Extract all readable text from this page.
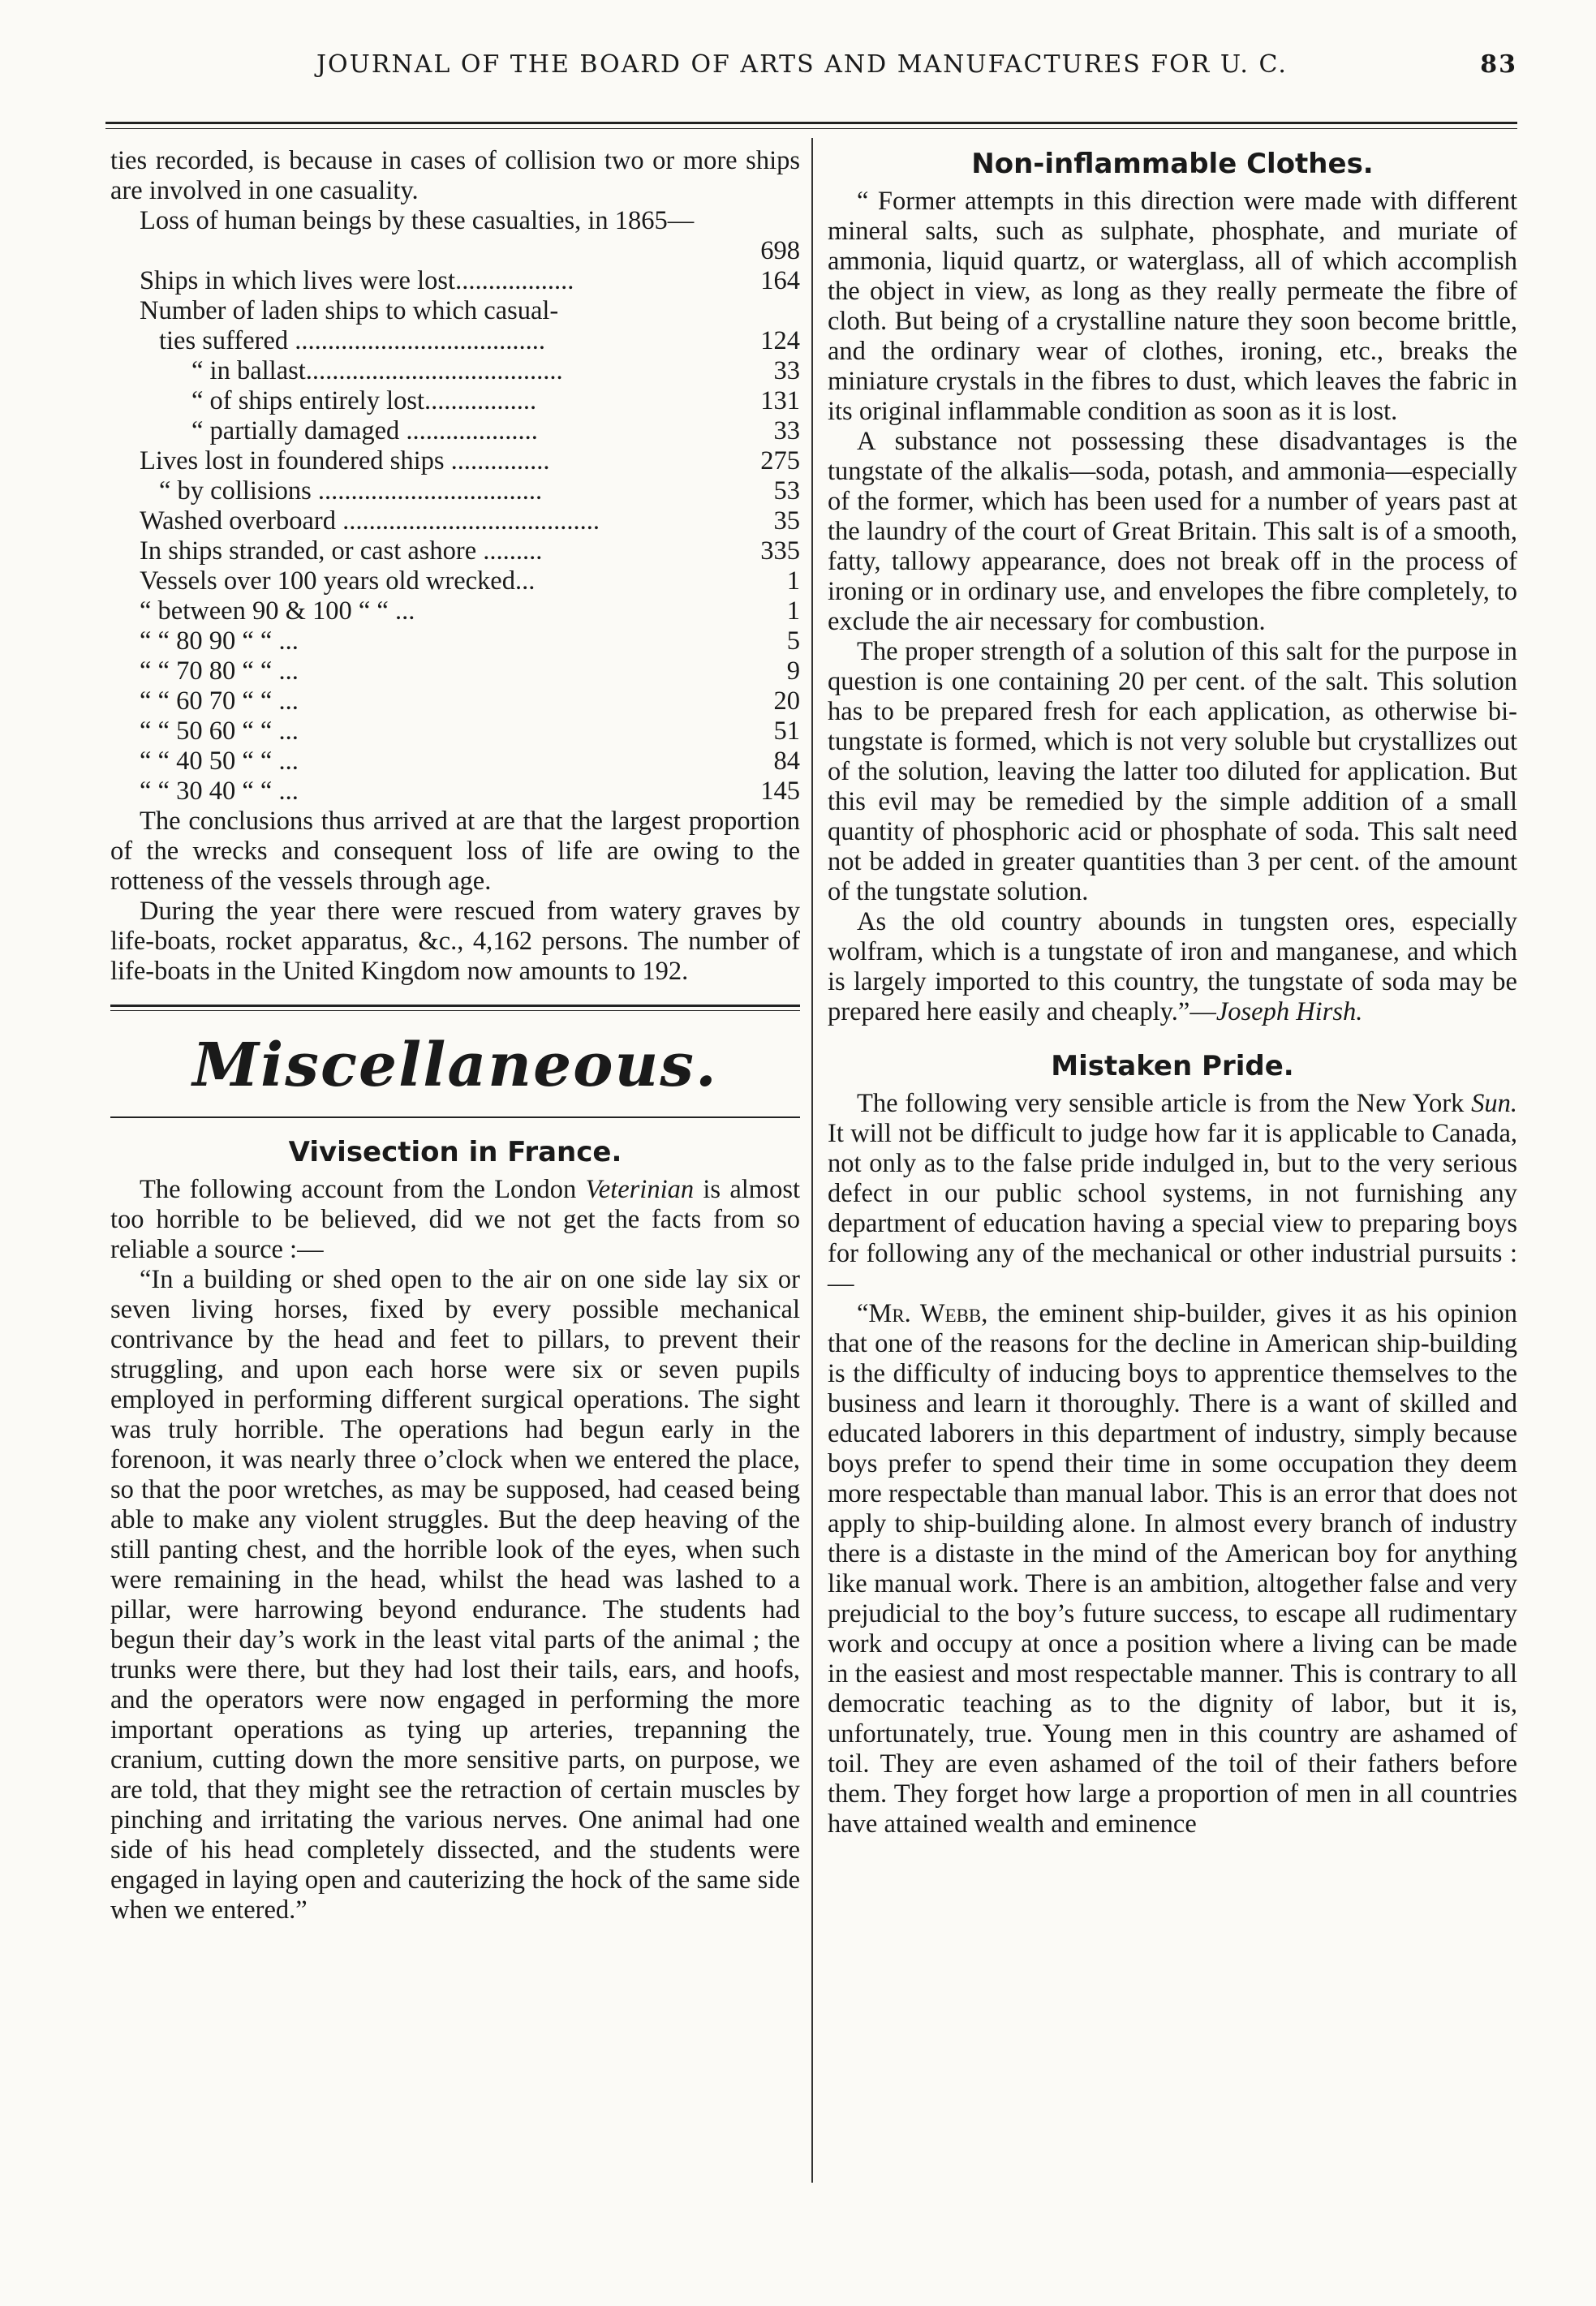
JOURNAL OF THE BOARD OF ARTS AND MANUFACTURES FOR U. C.	83

ties recorded, is because in cases of collision two or more ships are involved in one casuality.

Loss of human beings by these casualties, in 1865—

698
Ships in which lives were lost..................	164
Number of laden ships to which casual-	
ties suffered ......................................	124
“ in ballast.......................................	33
“ of ships entirely lost.................	131
“ partially damaged ....................	33
Lives lost in foundered ships ...............	275
“ by collisions ..................................	53
Washed overboard .......................................	35
In ships stranded, or cast ashore .........	335
Vessels over 100 years old wrecked...	1
“ between 90 & 100 “ “ ...	1
“ “ 80 90 “ “ ...	5
“ “ 70 80 “ “ ...	9
“ “ 60 70 “ “ ...	20
“ “ 50 60 “ “ ...	51
“ “ 40 50 “ “ ...	84
“ “ 30 40 “ “ ...	145

The conclusions thus arrived at are that the largest proportion of the wrecks and consequent loss of life are owing to the rotteness of the vessels through age.

During the year there were rescued from watery graves by life-boats, rocket apparatus, &c., 4,162 persons. The number of life-boats in the United Kingdom now amounts to 192.

Miscellaneous.
Vivisection in France.

The following account from the London Veterinian is almost too horrible to be believed, did we not get the facts from so reliable a source :—

“In a building or shed open to the air on one side lay six or seven living horses, fixed by every possible mechanical contrivance by the head and feet to pillars, to prevent their struggling, and upon each horse were six or seven pupils employed in performing different surgical operations. The sight was truly horrible. The operations had begun early in the forenoon, it was nearly three o’clock when we entered the place, so that the poor wretches, as may be supposed, had ceased being able to make any violent struggles. But the deep heaving of the still panting chest, and the horrible look of the eyes, when such were remaining in the head, whilst the head was lashed to a pillar, were harrowing beyond endurance. The students had begun their day’s work in the least vital parts of the animal ; the trunks were there, but they had lost their tails, ears, and hoofs, and the operators were now engaged in performing the more important operations as tying up arteries, trepanning the cranium, cutting down the more sensitive parts, on purpose, we are told, that they might see the retraction of certain muscles by pinching and irritating the various nerves. One animal had one side of his head completely dissected, and the students were engaged in laying open and cauterizing the hock of the same side when we entered.”

Non-inflammable Clothes.

“ Former attempts in this direction were made with different mineral salts, such as sulphate, phosphate, and muriate of ammonia, liquid quartz, or waterglass, all of which accomplish the object in view, as long as they really permeate the fibre of cloth. But being of a crystalline nature they soon become brittle, and the ordinary wear of clothes, ironing, etc., breaks the miniature crystals in the fibres to dust, which leaves the fabric in its original inflammable condition as soon as it is lost.

A substance not possessing these disadvantages is the tungstate of the alkalis—soda, potash, and ammonia—especially of the former, which has been used for a number of years past at the laundry of the court of Great Britain. This salt is of a smooth, fatty, tallowy appearance, does not break off in the process of ironing or in ordinary use, and envelopes the fibre completely, to exclude the air necessary for combustion.

The proper strength of a solution of this salt for the purpose in question is one containing 20 per cent. of the salt. This solution has to be prepared fresh for each application, as otherwise bi-tungstate is formed, which is not very soluble but crystallizes out of the solution, leaving the latter too diluted for application. But this evil may be remedied by the simple addition of a small quantity of phosphoric acid or phosphate of soda. This salt need not be added in greater quantities than 3 per cent. of the amount of the tungstate solution.

As the old country abounds in tungsten ores, especially wolfram, which is a tungstate of iron and manganese, and which is largely imported to this country, the tungstate of soda may be prepared here easily and cheaply.”—Joseph Hirsh.

Mistaken Pride.

The following very sensible article is from the New York Sun. It will not be difficult to judge how far it is applicable to Canada, not only as to the false pride indulged in, but to the very serious defect in our public school systems, in not furnishing any department of education having a special view to preparing boys for following any of the mechanical or other industrial pursuits :—

“Mr. Webb, the eminent ship-builder, gives it as his opinion that one of the reasons for the decline in American ship-building is the difficulty of inducing boys to apprentice themselves to the business and learn it thoroughly. There is a want of skilled and educated laborers in this department of industry, simply because boys prefer to spend their time in some occupation they deem more respectable than manual labor. This is an error that does not apply to ship-building alone. In almost every branch of industry there is a distaste in the mind of the American boy for anything like manual work. There is an ambition, altogether false and very prejudicial to the boy’s future success, to escape all rudimentary work and occupy at once a position where a living can be made in the easiest and most respectable manner. This is contrary to all democratic teaching as to the dignity of labor, but it is, unfortunately, true. Young men in this country are ashamed of toil. They are even ashamed of the toil of their fathers before them. They forget how large a proportion of men in all countries have attained wealth and eminence
